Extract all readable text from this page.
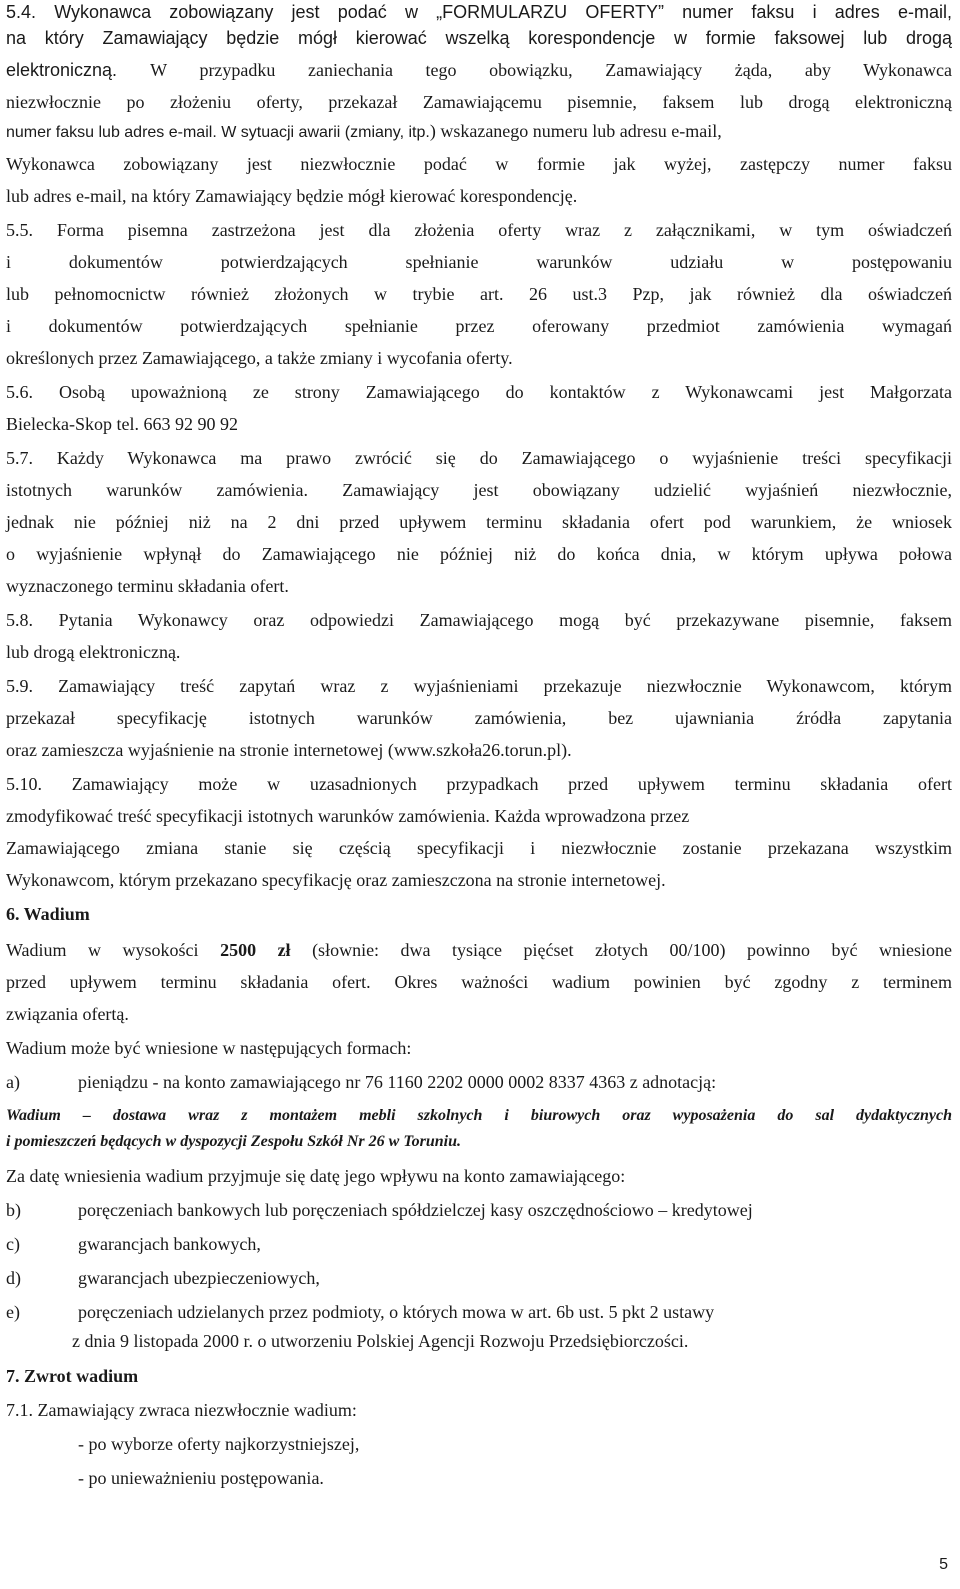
5.4. Wykonawca zobowiązany jest podać w „FORMULARZU OFERTY” numer faksu i adres e-mail,
na który Zamawiający będzie mógł kierować wszelką korespondencje w formie faksowej lub drogą
elektroniczną. W przypadku zaniechania tego obowiązku, Zamawiający żąda, aby Wykonawca
niezwłocznie po złożeniu oferty, przekazał Zamawiającemu pisemnie, faksem lub drogą elektroniczną
numer faksu lub adres e-mail. W sytuacji awarii (zmiany, itp.) wskazanego numeru lub adresu e-mail,
Wykonawca zobowiązany jest niezwłocznie podać w formie jak wyżej, zastępczy numer faksu
lub adres e-mail, na który Zamawiający będzie mógł kierować korespondencję.
5.5. Forma pisemna zastrzeżona jest dla złożenia oferty wraz z załącznikami, w tym oświadczeń
i dokumentów potwierdzających spełnianie warunków udziału w postępowaniu
lub pełnomocnictw również złożonych w trybie art. 26 ust.3 Pzp, jak również dla oświadczeń
i dokumentów potwierdzających spełnianie przez oferowany przedmiot zamówienia wymagań
określonych przez Zamawiającego, a także zmiany i wycofania oferty.
5.6. Osobą upoważnioną ze strony Zamawiającego do kontaktów z Wykonawcami jest Małgorzata
Bielecka-Skop tel. 663 92 90 92
5.7. Każdy Wykonawca ma prawo zwrócić się do Zamawiającego o wyjaśnienie treści specyfikacji
istotnych warunków zamówienia. Zamawiający jest obowiązany udzielić wyjaśnień niezwłocznie,
jednak nie później niż na 2 dni przed upływem terminu składania ofert pod warunkiem, że wniosek
o wyjaśnienie wpłynął do Zamawiającego nie później niż do końca dnia, w którym upływa połowa
wyznaczonego terminu składania ofert.
5.8. Pytania Wykonawcy oraz odpowiedzi Zamawiającego mogą być przekazywane pisemnie, faksem
lub drogą elektroniczną.
5.9. Zamawiający treść zapytań wraz z wyjaśnieniami przekazuje niezwłocznie Wykonawcom, którym
przekazał specyfikację istotnych warunków zamówienia, bez ujawniania źródła zapytania
oraz zamieszcza wyjaśnienie na stronie internetowej (www.szkoła26.torun.pl).
5.10. Zamawiający może w uzasadnionych przypadkach przed upływem terminu składania ofert
zmodyfikować treść specyfikacji istotnych warunków zamówienia. Każda wprowadzona przez
Zamawiającego zmiana stanie się częścią specyfikacji i niezwłocznie zostanie przekazana wszystkim
Wykonawcom, którym przekazano specyfikację oraz zamieszczona na stronie internetowej.
6. Wadium
Wadium w wysokości 2500 zł (słownie: dwa tysiące pięćset złotych 00/100) powinno być wniesione
przed upływem terminu składania ofert. Okres ważności wadium powinien być zgodny z terminem
związania ofertą.
Wadium może być wniesione w następujących formach:
a)	pieniądzu - na konto zamawiającego nr 76 1160 2202 0000 0002 8337 4363 z adnotacją:
Wadium – dostawa wraz z montażem mebli szkolnych i biurowych oraz wyposażenia do sal dydaktycznych
i pomieszczeń będących w dyspozycji Zespołu Szkół Nr 26 w Toruniu.
Za datę wniesienia wadium przyjmuje się datę jego wpływu na konto zamawiającego:
b)	poręczeniach bankowych lub poręczeniach spółdzielczej kasy oszczędnościowo – kredytowej
c)	gwarancjach bankowych,
d)	gwarancjach ubezpieczeniowych,
e)	poręczeniach udzielanych przez podmioty, o których mowa w art. 6b ust. 5 pkt 2 ustawy
z dnia 9 listopada 2000 r. o utworzeniu Polskiej Agencji Rozwoju Przedsiębiorczości.
7. Zwrot wadium
7.1. Zamawiający zwraca niezwłocznie wadium:
- po wyborze oferty najkorzystniejszej,
- po unieważnieniu postępowania.
5
